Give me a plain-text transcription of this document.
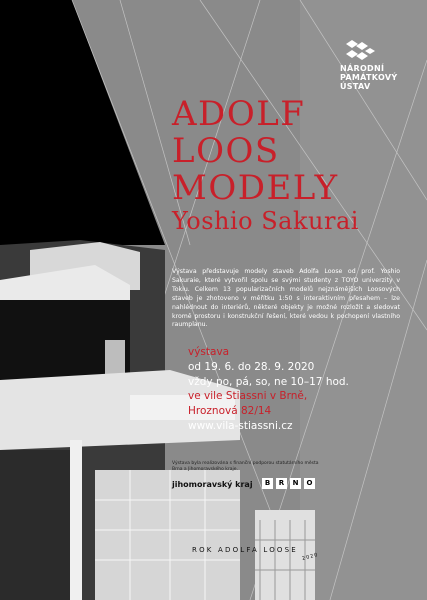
NÁRODNÍ
PAMÁTKOVÝ
ÚSTAV
ADOLF
LOOS
MODELY
Yoshio Sakurai
Výstava představuje modely staveb Adolfa Loose od prof. Yoshio Sakuraie, které vytvořil spolu se svými studenty z TOYO univerzity v Tokiu. Celkem 13 popularizačních modelů nejznámějších Loosových staveb je zhotoveno v měřítku 1:50 s interaktivním přesahem – lze nahlédnout do interiérů, některé objekty je možné rozložit a sledovat kromě prostoru i konstrukční řešení, které vedou k pochopení vlastního raumplanu.
výstava
od 19. 6. do 28. 9. 2020
vždy po, pá, so, ne 10–17 hod.
ve vile Stiassni v Brně,
Hroznová 82/14
www.vila-stiassni.cz
Výstava byla realizována s finanční podporou statutárního města Brna a Jihomoravského kraje.
jihomoravský kraj	B	R	N	O
ROK ADOLFA LOOSE
2020
